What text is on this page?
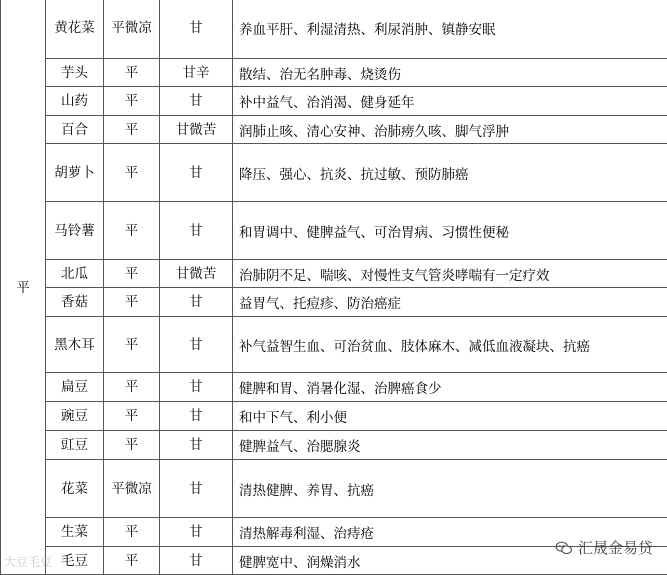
平	黄花菜	平微凉	甘	养血平肝、利湿清热、利尿消肿、镇静安眠
	芋头	平	甘辛	散结、治无名肿毒、烧烫伤
	山药	平	甘	补中益气、治消渴、健身延年
	百合	平	甘微苦	润肺止咳、清心安神、治肺痨久咳、脚气浮肿
	胡萝卜	平	甘	降压、强心、抗炎、抗过敏、预防肺癌
	马铃薯	平	甘	和胃调中、健脾益气、可治胃病、习惯性便秘
	北瓜	平	甘微苦	治肺阴不足、喘咳、对慢性支气管炎哮喘有一定疗效
	香菇	平	甘	益胃气、托痘疹、防治癌症
	黑木耳	平	甘	补气益智生血、可治贫血、肢体麻木、减低血液凝块、抗癌
	扁豆	平	甘	健脾和胃、消暑化湿、治脾癌食少
	豌豆	平	甘	和中下气、利小便
	豇豆	平	甘	健脾益气、治腮腺炎
	花菜	平微凉	甘	清热健脾、养胃、抗癌
	生菜	平	甘	清热解毒利湿、治痔疮
	毛豆	平	甘	健脾宽中、润燥消水
大豆毛豆
汇晟金易贷
